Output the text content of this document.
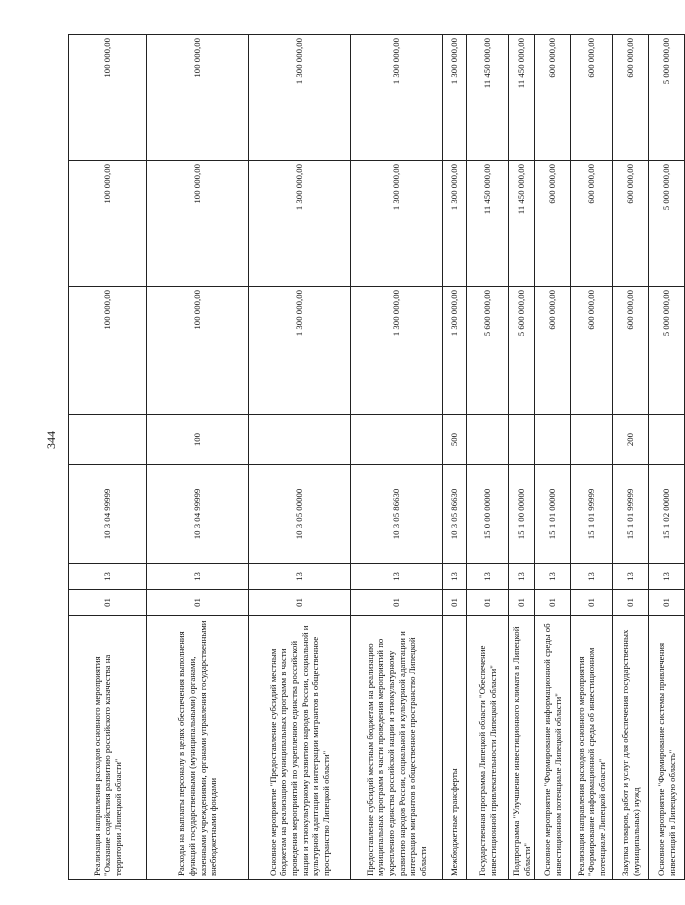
344
Реализация направления расходов основного мероприятия "Оказание содействия развитию российского казачества на территории Липецкой области"	01	13	10 3 04 99999		100 000,00	100 000,00	100 000,00
Расходы на выплаты персоналу в целях обеспечения выполнения функций государственными (муниципальными) органами, казенными учреждениями, органами управления государственными внебюджетными фондами	01	13	10 3 04 99999	100	100 000,00	100 000,00	100 000,00
Основное мероприятие "Предоставление субсидий местным бюджетам на реализацию муниципальных программ в части проведения мероприятий по укреплению единства российской нации и этнокультурному развитию народов России, социальной и культурной адаптации и интеграции мигрантов в общественное пространство Липецкой области"	01	13	10 3 05 00000		1 300 000,00	1 300 000,00	1 300 000,00
Предоставление субсидий местным бюджетам на реализацию муниципальных программ в части проведения мероприятий по укреплению единства российской нации и этнокультурному развитию народов России, социальной и культурной адаптации и интеграции мигрантов в общественное пространство Липецкой области	01	13	10 3 05 86630		1 300 000,00	1 300 000,00	1 300 000,00
Межбюджетные трансферты	01	13	10 3 05 86630	500	1 300 000,00	1 300 000,00	1 300 000,00
Государственная программа Липецкой области "Обеспечение инвестиционной привлекательности Липецкой области"	01	13	15 0 00 00000		5 600 000,00	11 450 000,00	11 450 000,00
Подпрограмма "Улучшение инвестиционного климата в Липецкой области"	01	13	15 1 00 00000		5 600 000,00	11 450 000,00	11 450 000,00
Основное мероприятие "Формирование информационной среды об инвестиционном потенциале Липецкой области"	01	13	15 1 01 00000		600 000,00	600 000,00	600 000,00
Реализация направления расходов основного мероприятия "Формирование информационной среды об инвестиционном потенциале Липецкой области"	01	13	15 1 01 99999		600 000,00	600 000,00	600 000,00
Закупка товаров, работ и услуг для обеспечения государственных (муниципальных) нужд	01	13	15 1 01 99999	200	600 000,00	600 000,00	600 000,00
Основное мероприятие "Формирование системы привлечения инвестиций в Липецкую область"	01	13	15 1 02 00000		5 000 000,00	5 000 000,00	5 000 000,00
